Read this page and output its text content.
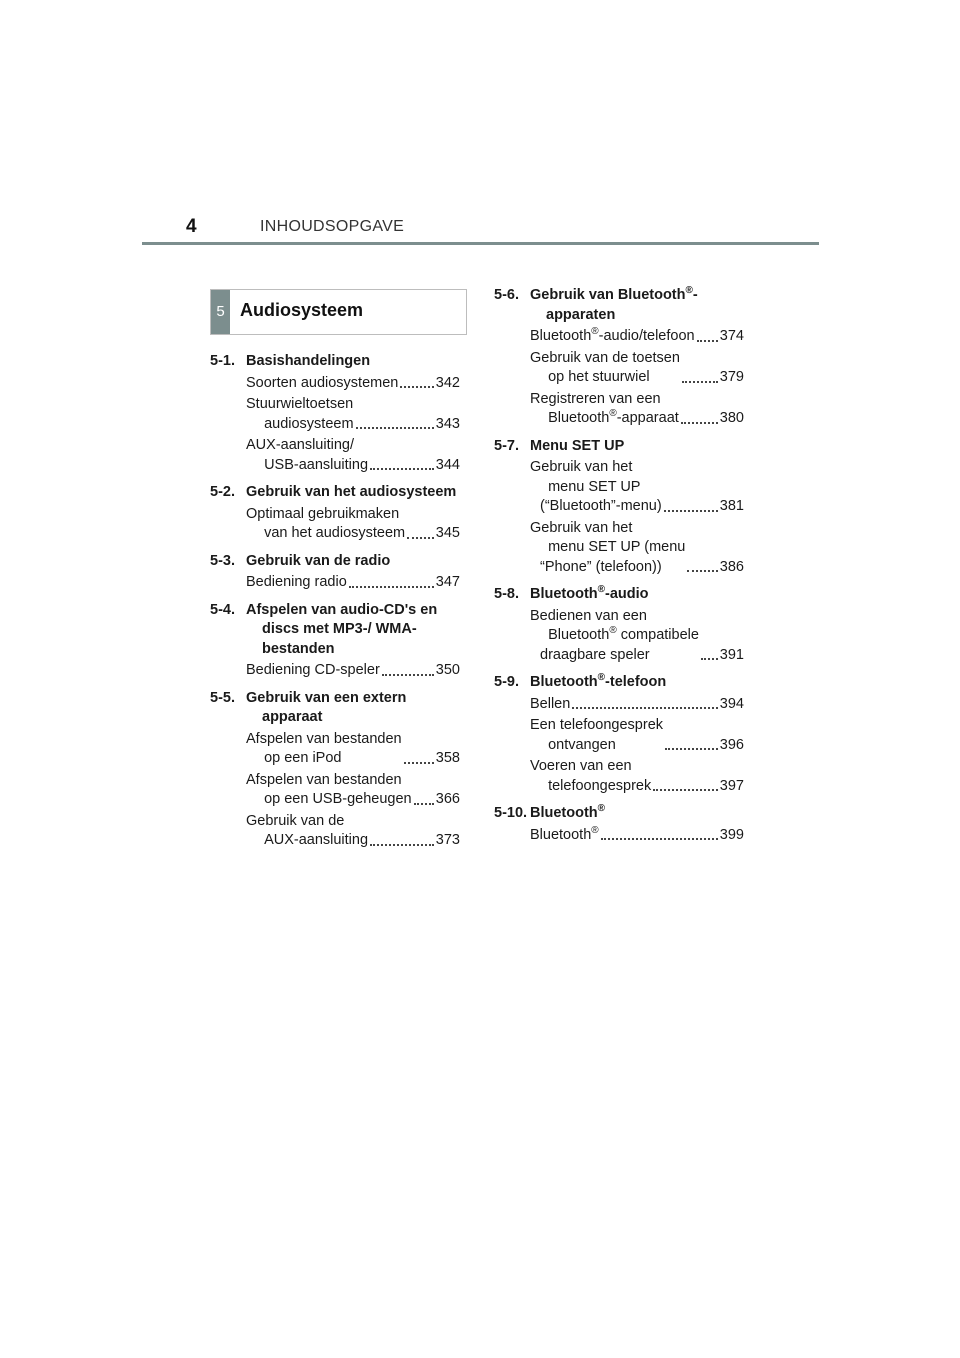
4	INHOUDSOPGAVE
5 Audiosysteem
5-1. Basishandelingen
Soorten audiosystemen	342
Stuurwieltoetsen
audiosysteem	343
AUX-aansluiting/
USB-aansluiting	344
5-2. Gebruik van het audiosysteem
Optimaal gebruikmaken
van het audiosysteem 345
5-3. Gebruik van de radio
Bediening radio	347
5-4. Afspelen van audio-CD's en discs met MP3-/ WMA-bestanden
Bediening CD-speler	350
5-5. Gebruik van een extern apparaat
Afspelen van bestanden
op een iPod	358
Afspelen van bestanden
op een USB-geheugen 366
Gebruik van de
AUX-aansluiting	373
5-6. Gebruik van Bluetooth®-apparaten
Bluetooth®-audio/telefoon 374
Gebruik van de toetsen
op het stuurwiel	379
Registreren van een
Bluetooth®-apparaat	380
5-7. Menu SET UP
Gebruik van het
menu SET UP
(“Bluetooth”-menu)	381
Gebruik van het
menu SET UP (menu
“Phone” (telefoon))	386
5-8. Bluetooth®-audio
Bedienen van een
Bluetooth® compatibele
draagbare speler	391
5-9. Bluetooth®-telefoon
Bellen	394
Een telefoongesprek
ontvangen	396
Voeren van een
telefoongesprek	397
5-10. Bluetooth®
Bluetooth®	399
